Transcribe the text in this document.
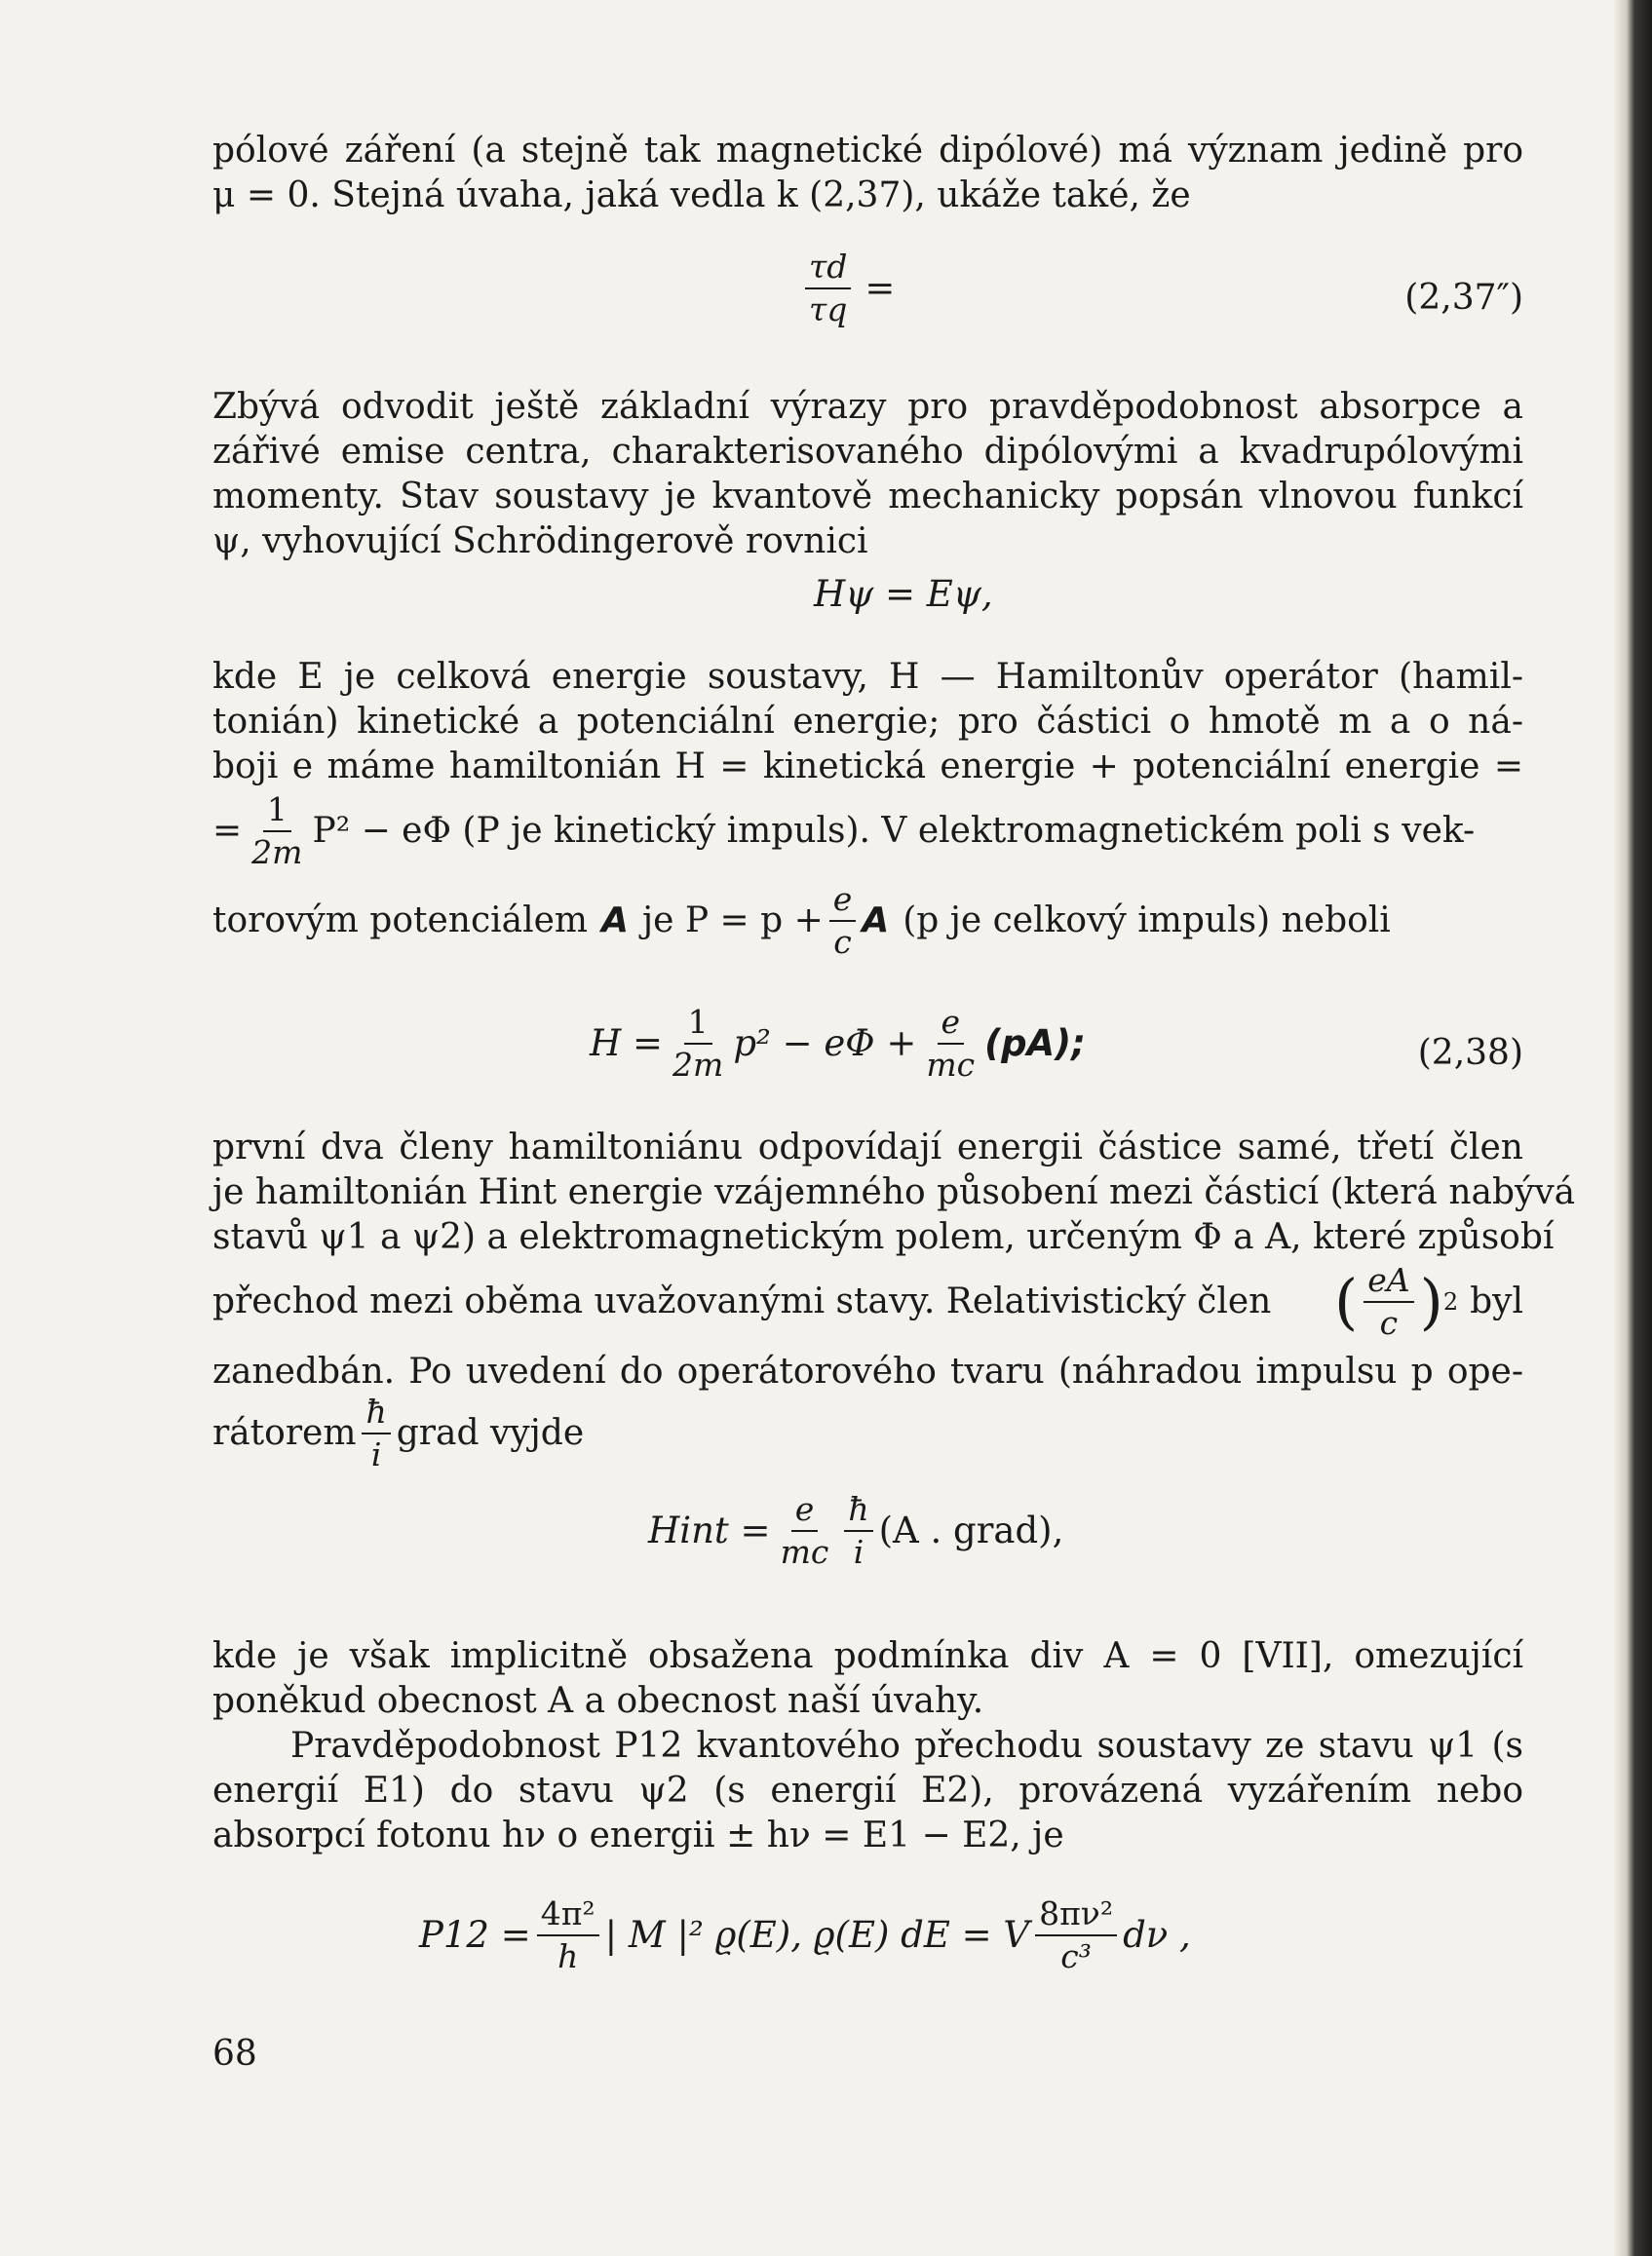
pólové záření (a stejně tak magnetické dipólové) má význam jedině pro
μ = 0. Stejná úvaha, jaká vedla k (2,37), ukáže také, že
$\frac{\tau d}{\tau q}$ =	(2,37″)
Zbývá odvodit ještě základní výrazy pro pravděpodobnost absorpce a zářivé emise centra, charakterisovaného dipólovými a kvadrupólovými momenty. Stav soustavy je kvantově mechanicky popsán vlnovou funkcí ψ, vyhovující Schrödingerově rovnici
Hψ = Eψ,
kde E je celková energie soustavy, H — Hamiltonův operátor (hamil-
tonián) kinetické a potenciální energie; pro částici o hmotě m a o ná-
boji e máme hamiltonián H = kinetická energie + potenciální energie =
= $\frac{1}{2m} P^2 - e\Phi$ (P je kinetický impuls). V elektromagnetickém poli s vek-
torovým potenciálem A je $P = p + \frac{e}{c}$ A (p je celkový impuls) neboli
$H = \frac{1}{2m} p^2 - e\Phi + \frac{e}{mc} (pA)$;	(2,38)
první dva členy hamiltoniánu odpovídají energii částice samé, třetí člen
je hamiltonián Hint energie vzájemného působení mezi částicí (která nabývá
stavů ψ1 a ψ2) a elektromagnetickým polem, určeným Φ a A, které způsobí
přechod mezi oběma uvažovanými stavy. Relativistický člen ( $\frac{eA}{c}$ ) 2 byl
zanedbán. Po uvedení do operátorového tvaru (náhradou impulsu p ope-
rátorem $\frac{ħ}{i}$ grad vyjde
Hint = $\frac{e}{mc} \frac{ħ}{i} (A$ . grad),
kde je však implicitně obsažena podmínka div A = 0 [VII], omezující
poněkud obecnost A a obecnost naší úvahy.
Pravděpodobnost P12 kvantového přechodu soustavy ze stavu ψ1 (s energií E1) do stavu ψ2 (s energií E2), provázená vyzářením nebo absorpcí fotonu hν o energii ± hν = E1 − E2, je
$P12 = \frac{\text{4π²}}{h}$ | M |² ϱ(E), ϱ(E) dE = V $\frac{\text{8πν²}}{\text{c³}}$ dν ,
68
